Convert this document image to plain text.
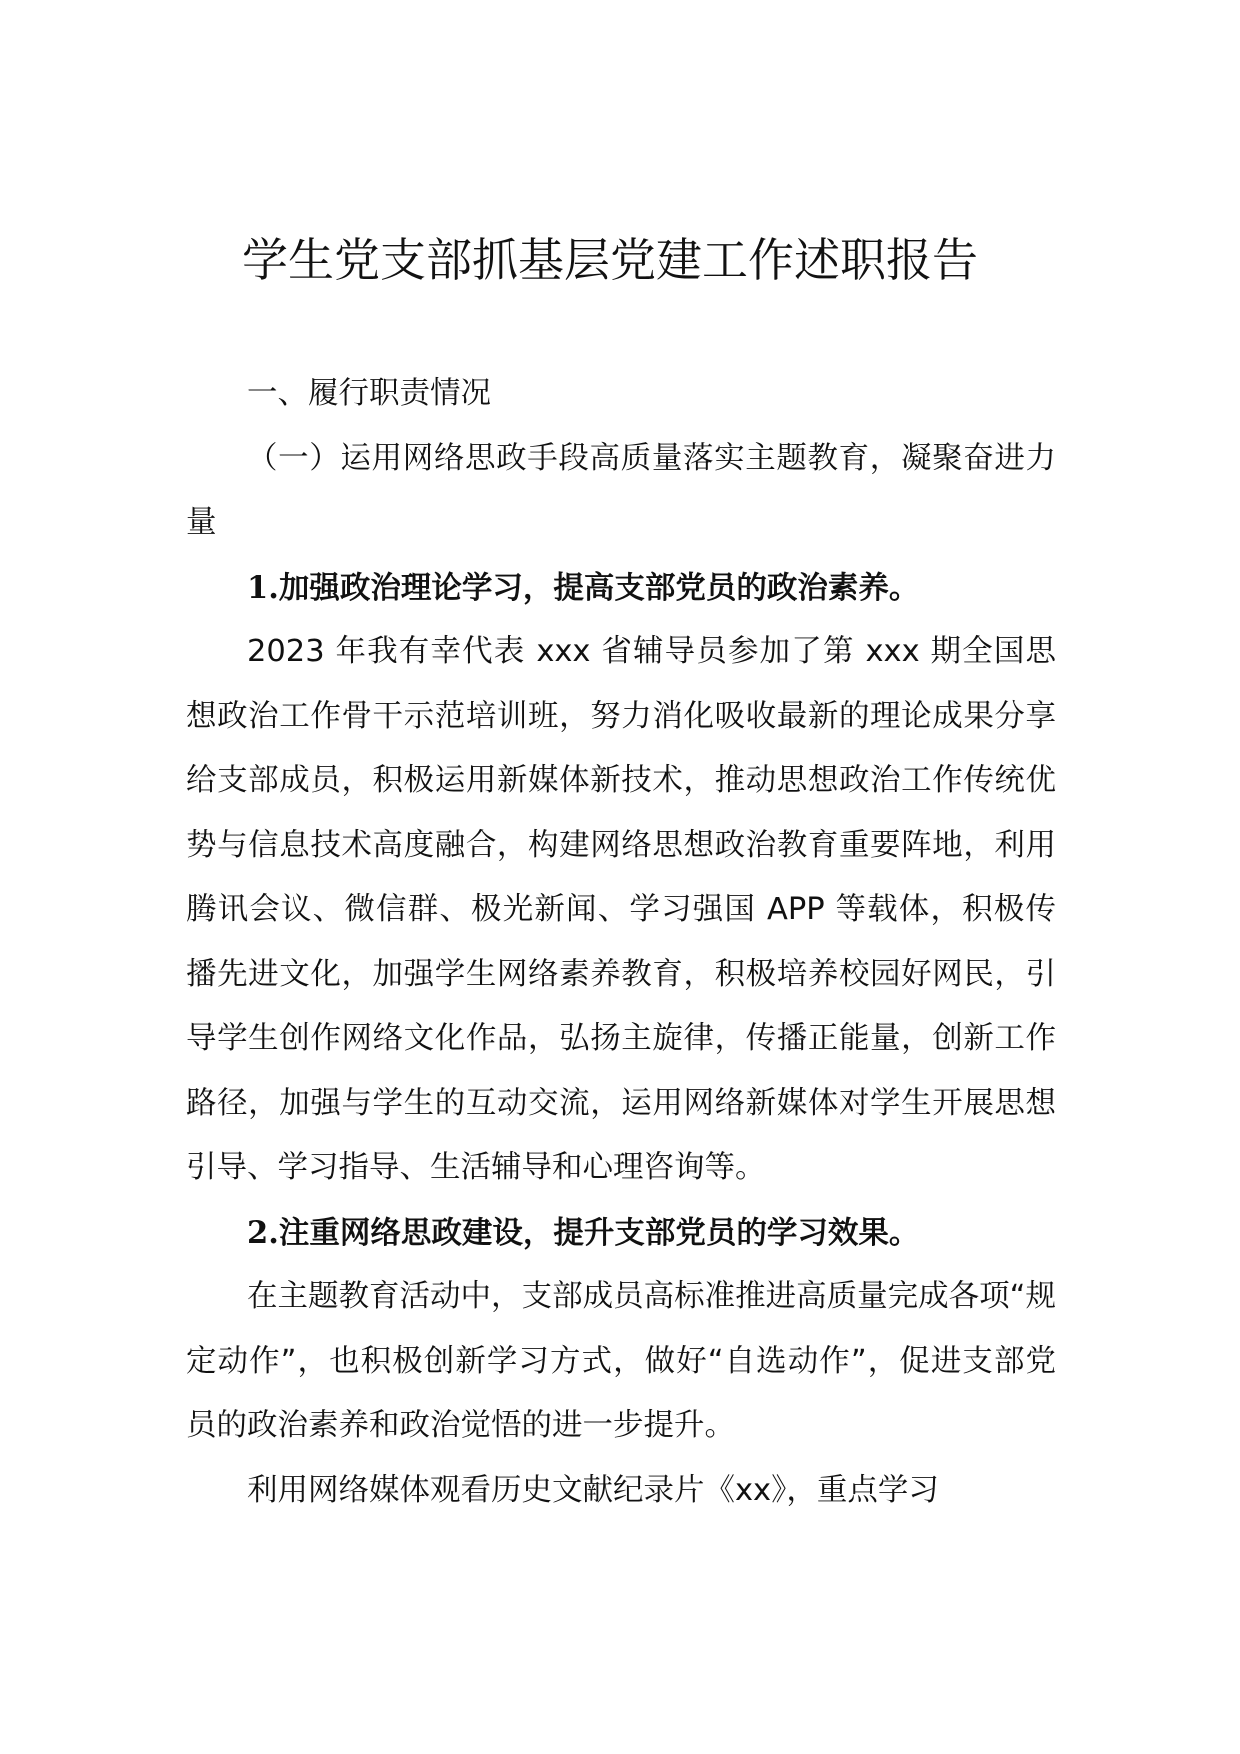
学生党支部抓基层党建工作述职报告

一、履行职责情况

（一）运用网络思政手段高质量落实主题教育，凝聚奋进力量

1.加强政治理论学习，提高支部党员的政治素养。

2023 年我有幸代表 xxx 省辅导员参加了第 xxx 期全国思想政治工作骨干示范培训班，努力消化吸收最新的理论成果分享给支部成员，积极运用新媒体新技术，推动思想政治工作传统优势与信息技术高度融合，构建网络思想政治教育重要阵地，利用腾讯会议、微信群、极光新闻、学习强国 APP 等载体，积极传播先进文化，加强学生网络素养教育，积极培养校园好网民，引导学生创作网络文化作品，弘扬主旋律，传播正能量，创新工作路径，加强与学生的互动交流，运用网络新媒体对学生开展思想引导、学习指导、生活辅导和心理咨询等。

2.注重网络思政建设，提升支部党员的学习效果。

在主题教育活动中，支部成员高标准推进高质量完成各项“规定动作”，也积极创新学习方式，做好“自选动作”，促进支部党员的政治素养和政治觉悟的进一步提升。

利用网络媒体观看历史文献纪录片《xx》，重点学习
